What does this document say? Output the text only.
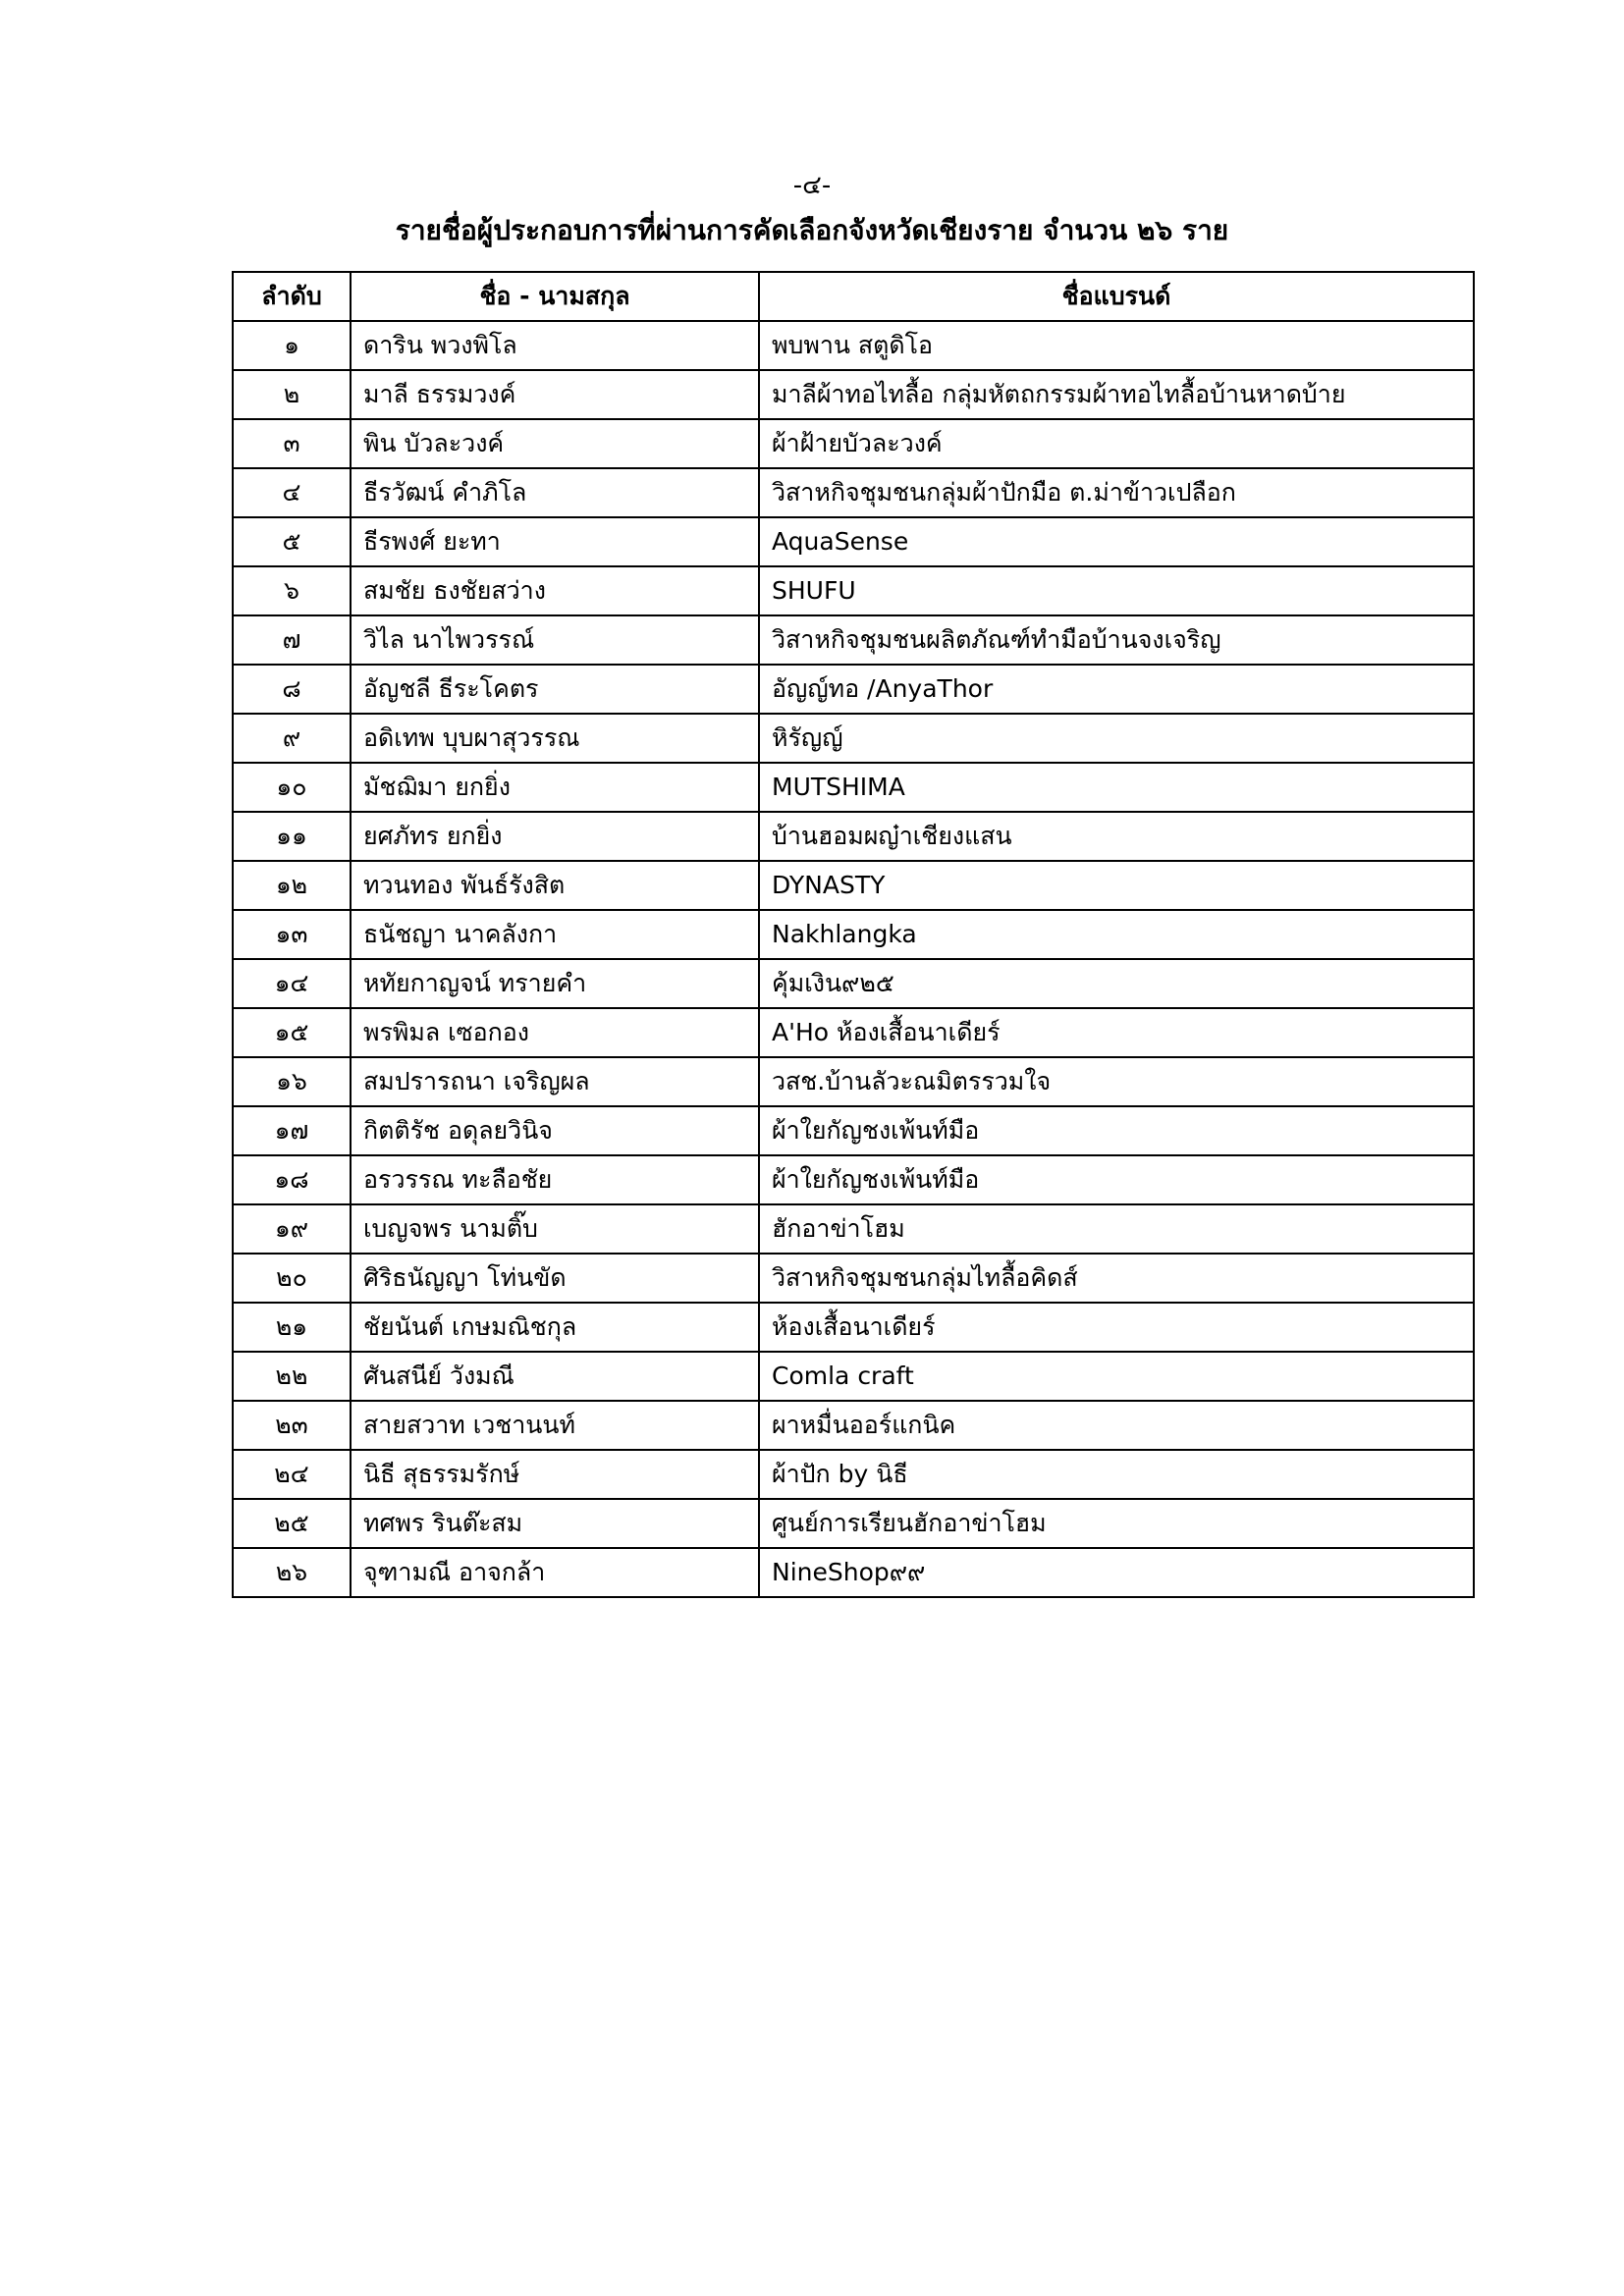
-๔-
รายชื่อผู้ประกอบการที่ผ่านการคัดเลือกจังหวัดเชียงราย จำนวน ๒๖ ราย
ลำดับ	ชื่อ - นามสกุล	ชื่อแบรนด์
๑	ดาริน พวงพิโล	พบพาน สตูดิโอ
๒	มาลี ธรรมวงค์	มาลีผ้าทอไทลื้อ กลุ่มหัตถกรรมผ้าทอไทลื้อบ้านหาดบ้าย
๓	พิน บัวละวงค์	ผ้าฝ้ายบัวละวงค์
๔	ธีรวัฒน์ คำภิโล	วิสาหกิจชุมชนกลุ่มผ้าปักมือ ต.ม่าข้าวเปลือก
๕	ธีรพงศ์ ยะทา	AquaSense
๖	สมชัย ธงชัยสว่าง	SHUFU
๗	วิไล นาไพวรรณ์	วิสาหกิจชุมชนผลิตภัณฑ์ทำมือบ้านจงเจริญ
๘	อัญชลี ธีระโคตร	อัญญ์ทอ /AnyaThor
๙	อดิเทพ บุบผาสุวรรณ	หิรัญญ์
๑๐	มัชฌิมา ยกยิ่ง	MUTSHIMA
๑๑	ยศภัทร ยกยิ่ง	บ้านฮอมผญ๋าเชียงแสน
๑๒	ทวนทอง พันธ์รังสิต	DYNASTY
๑๓	ธนัชญา นาคลังกา	Nakhlangka
๑๔	หทัยกาญจน์ ทรายคำ	คุ้มเงิน๙๒๕
๑๕	พรพิมล เซอกอง	A'Ho ห้องเสื้อนาเดียร์
๑๖	สมปรารถนา เจริญผล	วสช.บ้านลัวะณมิตรรวมใจ
๑๗	กิตติรัช อดุลยวินิจ	ผ้าใยกัญชงเพ้นท์มือ
๑๘	อรวรรณ ทะลือชัย	ผ้าใยกัญชงเพ้นท์มือ
๑๙	เบญจพร นามติ๊บ	ฮักอาข่าโฮม
๒๐	ศิริธนัญญา โท่นขัด	วิสาหกิจชุมชนกลุ่มไทลื้อคิดส์
๒๑	ชัยนันต์ เกษมณิชกุล	ห้องเสื้อนาเดียร์
๒๒	ศันสนีย์ วังมณี	Comla craft
๒๓	สายสวาท เวชานนท์	ผาหมื่นออร์แกนิค
๒๔	นิธี สุธรรมรักษ์	ผ้าปัก by นิธี
๒๕	ทศพร รินต๊ะสม	ศูนย์การเรียนฮักอาข่าโฮม
๒๖	จุฑามณี อาจกล้า	NineShop๙๙
